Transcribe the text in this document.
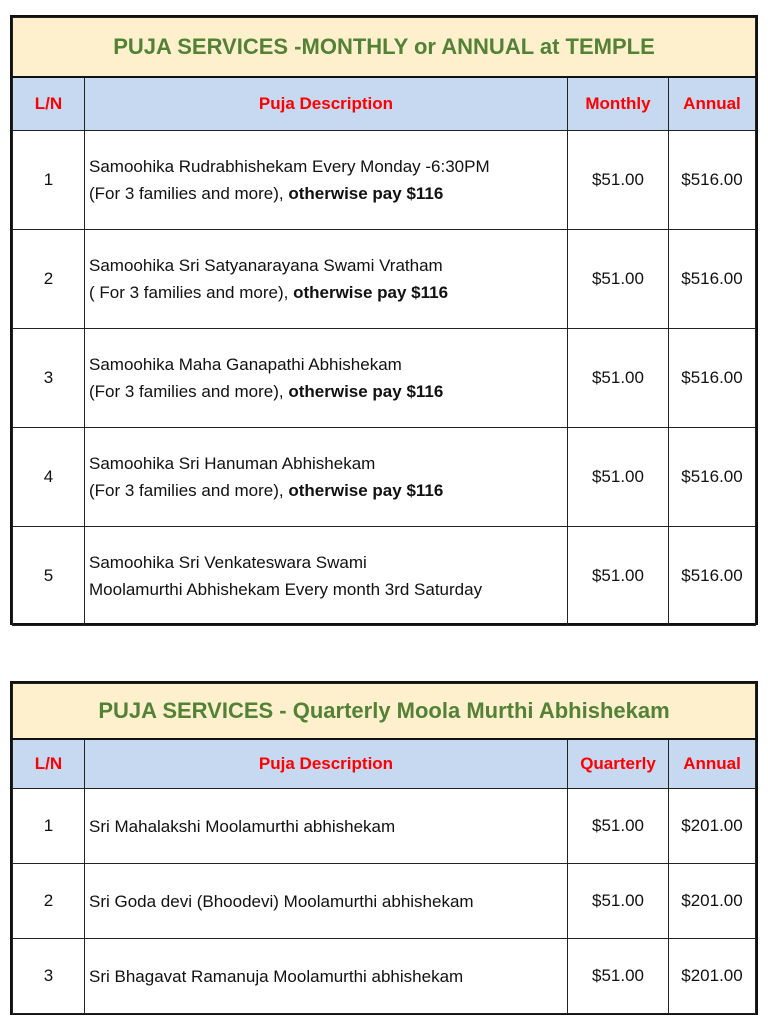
PUJA SERVICES -MONTHLY or ANNUAL at TEMPLE			
L/N	Puja Description	Monthly	Annual
1	Samoohika Rudrabhishekam Every Monday -6:30PM
(For 3 families and more), otherwise pay $116	$51.00	$516.00
2	Samoohika Sri Satyanarayana Swami Vratham
( For 3 families and more), otherwise pay $116	$51.00	$516.00
3	Samoohika Maha Ganapathi Abhishekam
(For 3 families and more), otherwise pay $116	$51.00	$516.00
4	Samoohika Sri Hanuman Abhishekam
(For 3 families and more), otherwise pay $116	$51.00	$516.00
5	Samoohika Sri Venkateswara Swami
Moolamurthi Abhishekam Every month 3rd Saturday	$51.00	$516.00
PUJA SERVICES - Quarterly Moola Murthi Abhishekam			
L/N	Puja Description	Quarterly	Annual
1	Sri Mahalakshi Moolamurthi abhishekam	$51.00	$201.00
2	Sri Goda devi (Bhoodevi) Moolamurthi abhishekam	$51.00	$201.00
3	Sri Bhagavat Ramanuja Moolamurthi abhishekam	$51.00	$201.00
